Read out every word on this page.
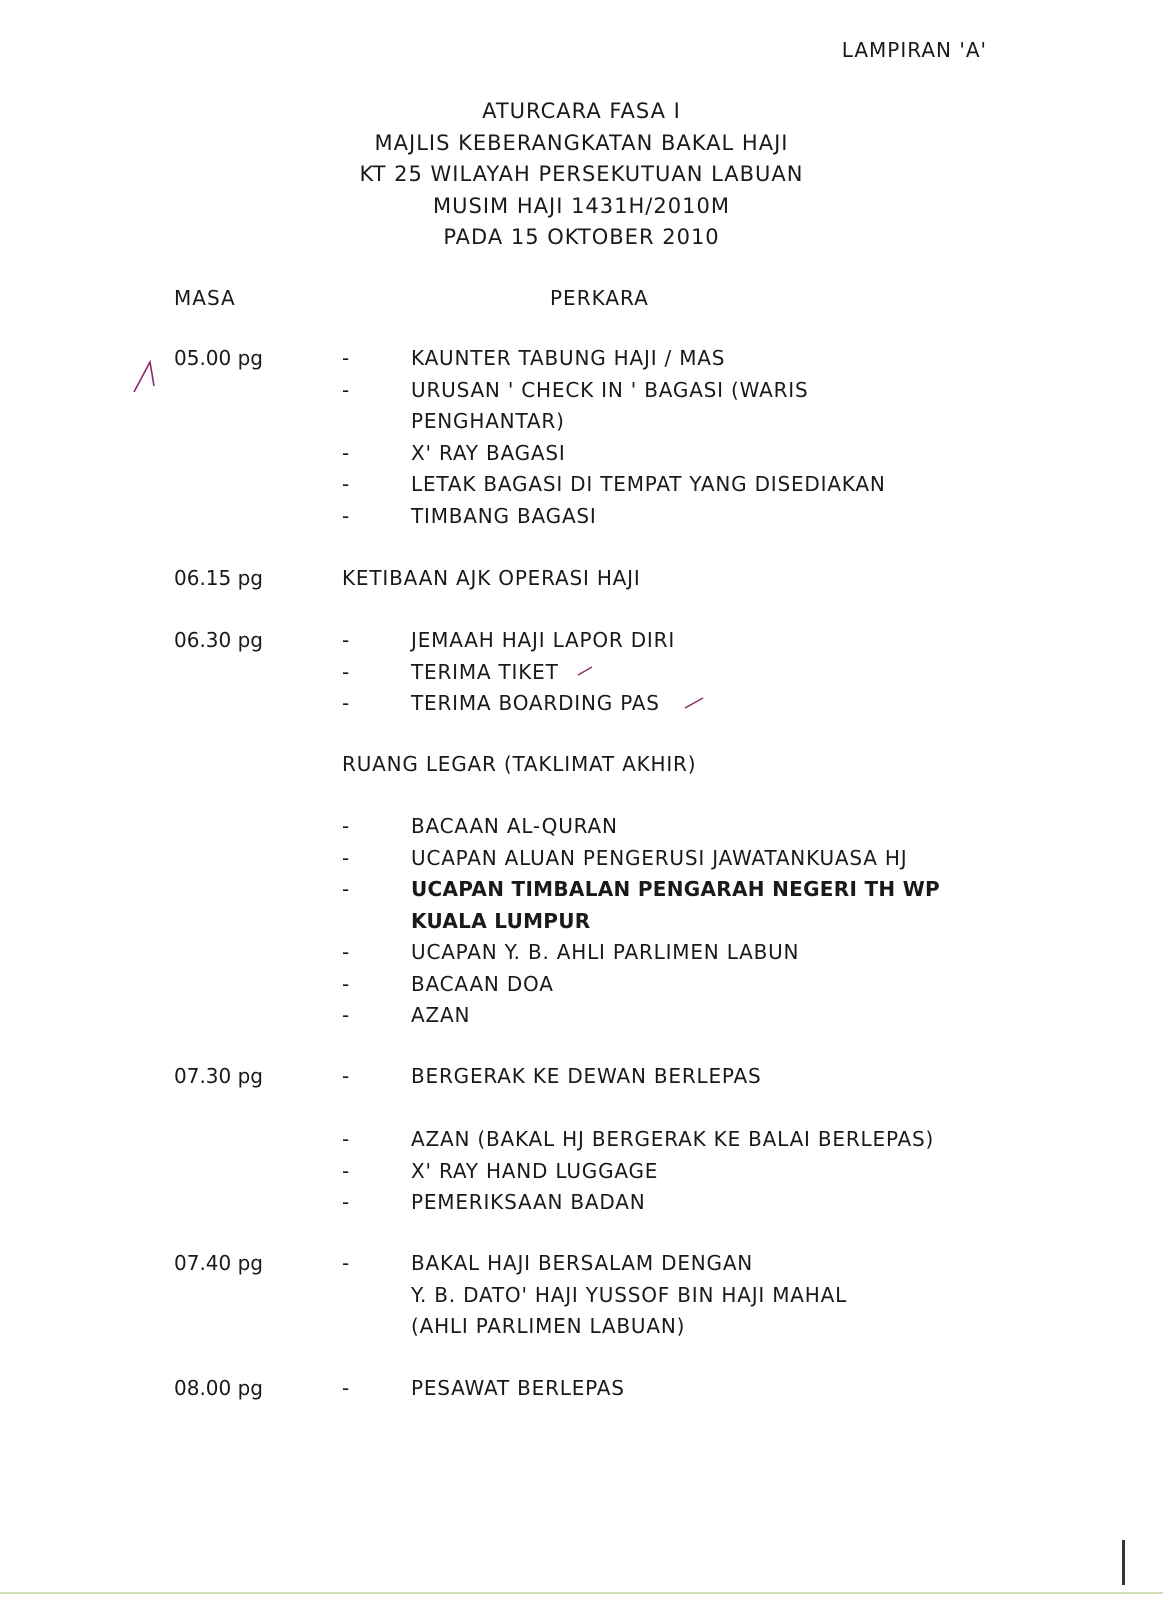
LAMPIRAN 'A'
ATURCARA FASA I
MAJLIS KEBERANGKATAN BAKAL HAJI
KT 25 WILAYAH PERSEKUTUAN LABUAN
MUSIM HAJI 1431H/2010M
PADA 15 OKTOBER 2010
MASA	PERKARA
05.00 pg	-	KAUNTER TABUNG HAJI / MAS
-	URUSAN ' CHECK IN ' BAGASI (WARIS
PENGHANTAR)
-	X' RAY BAGASI
-	LETAK BAGASI DI TEMPAT YANG DISEDIAKAN
-	TIMBANG BAGASI
06.15 pg	KETIBAAN AJK OPERASI HAJI
06.30 pg	-	JEMAAH HAJI LAPOR DIRI
-	TERIMA TIKET
-	TERIMA BOARDING PAS
RUANG LEGAR (TAKLIMAT AKHIR)
-	BACAAN AL-QURAN
-	UCAPAN ALUAN PENGERUSI JAWATANKUASA HJ
-	UCAPAN TIMBALAN PENGARAH NEGERI TH WP
KUALA LUMPUR
-	UCAPAN Y. B. AHLI PARLIMEN LABUN
-	BACAAN DOA
-	AZAN
07.30 pg	-	BERGERAK KE DEWAN BERLEPAS
-	AZAN (BAKAL HJ BERGERAK KE BALAI BERLEPAS)
-	X' RAY HAND LUGGAGE
-	PEMERIKSAAN BADAN
07.40 pg	-	BAKAL HAJI BERSALAM DENGAN
Y. B. DATO' HAJI YUSSOF BIN HAJI MAHAL
(AHLI PARLIMEN LABUAN)
08.00 pg	-	PESAWAT BERLEPAS
